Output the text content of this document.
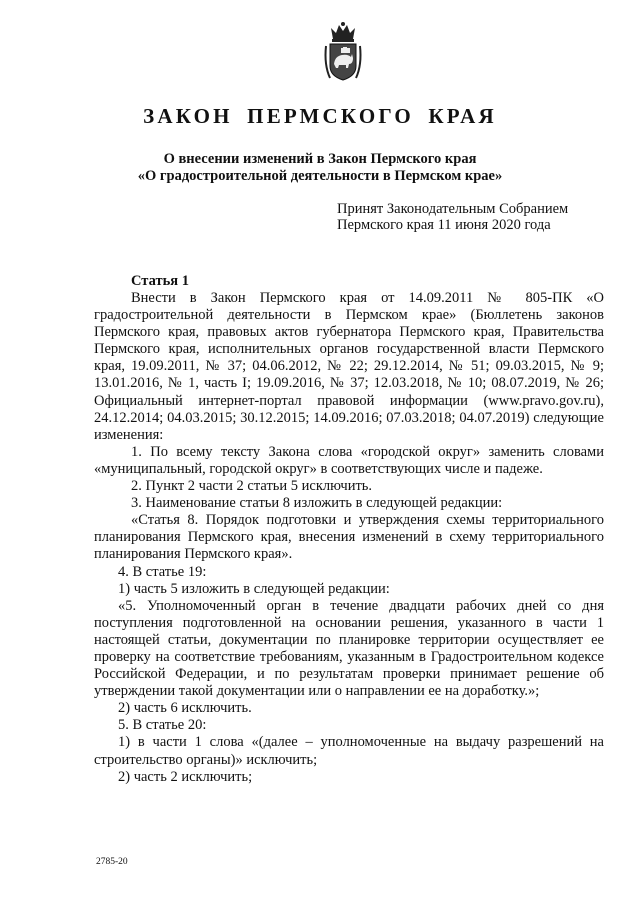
ЗАКОН ПЕРМСКОГО КРАЯ
О внесении изменений в Закон Пермского края
«О градостроительной деятельности в Пермском крае»
Принят Законодательным Собранием
Пермского края 11 июня 2020 года
Статья 1

Внести в Закон Пермского края от 14.09.2011 № 805-ПК «О градостроительной деятельности в Пермском крае» (Бюллетень законов Пермского края, правовых актов губернатора Пермского края, Правительства Пермского края, исполнительных органов государственной власти Пермского края, 19.09.2011, № 37; 04.06.2012, № 22; 29.12.2014, № 51; 09.03.2015, № 9; 13.01.2016, № 1, часть I; 19.09.2016, № 37; 12.03.2018, № 10; 08.07.2019, № 26; Официальный интернет-портал правовой информации (www.pravo.gov.ru), 24.12.2014; 04.03.2015; 30.12.2015; 14.09.2016; 07.03.2018; 04.07.2019) следующие изменения:

1. По всему тексту Закона слова «городской округ» заменить словами «муниципальный, городской округ» в соответствующих числе и падеже.

2. Пункт 2 части 2 статьи 5 исключить.

3. Наименование статьи 8 изложить в следующей редакции:

«Статья 8. Порядок подготовки и утверждения схемы территориального планирования Пермского края, внесения изменений в схему территориального планирования Пермского края».

4. В статье 19:

1) часть 5 изложить в следующей редакции:

«5. Уполномоченный орган в течение двадцати рабочих дней со дня поступления подготовленной на основании решения, указанного в части 1 настоящей статьи, документации по планировке территории осуществляет ее проверку на соответствие требованиям, указанным в Градостроительном кодексе Российской Федерации, и по результатам проверки принимает решение об утверждении такой документации или о направлении ее на доработку.»;

2) часть 6 исключить.

5. В статье 20:

1) в части 1 слова «(далее – уполномоченные на выдачу разрешений на строительство органы)» исключить;

2) часть 2 исключить;

2785-20
